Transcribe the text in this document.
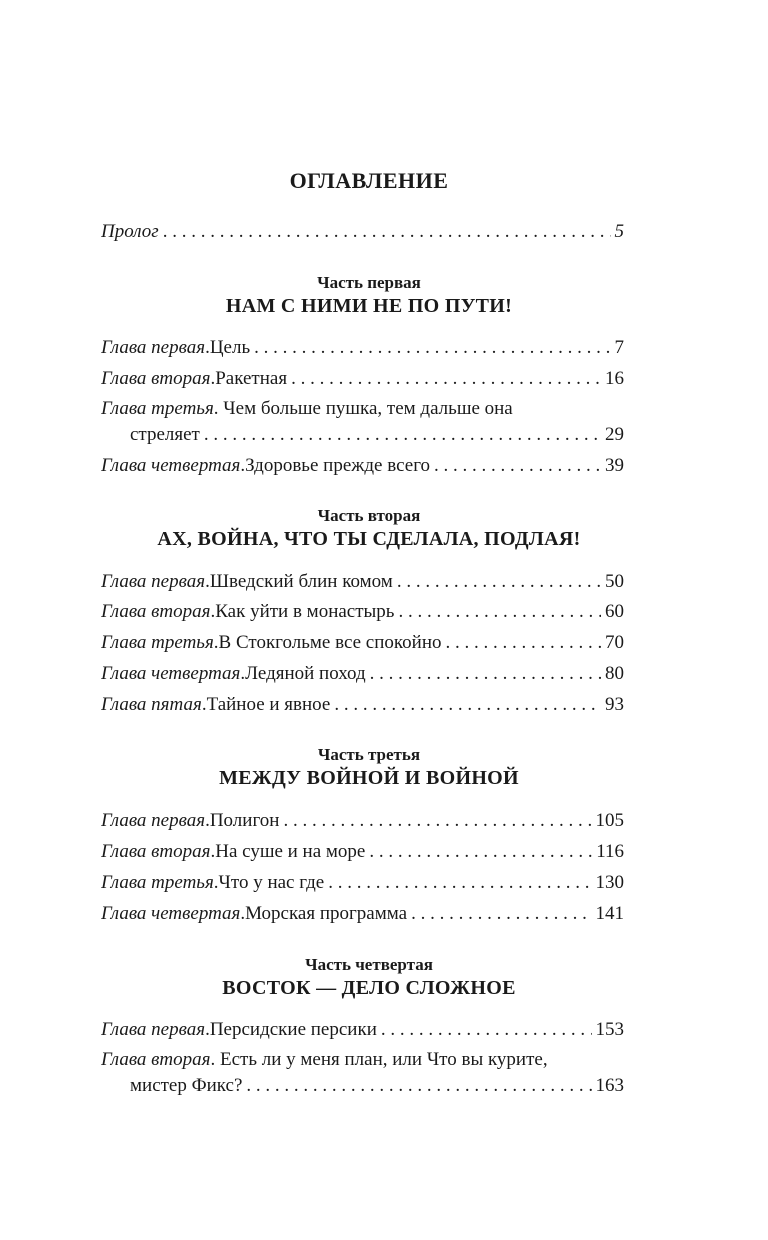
ОГЛАВЛЕНИЕ
Пролог . . .	5
Часть первая
НАМ С НИМИ НЕ ПО ПУТИ!
Глава первая . Цель . . .	7
Глава вторая . Ракетная . . .	16
Глава третья. Чем больше пушка, тем дальше она
стреляет . . .	29
Глава четвертая . Здоровье прежде всего . . .	39
Часть вторая
АХ, ВОЙНА, ЧТО ТЫ СДЕЛАЛА, ПОДЛАЯ!
Глава первая . Шведский блин комом . . .	50
Глава вторая . Как уйти в монастырь . . .	60
Глава третья . В Стокгольме все спокойно . . .	70
Глава четвертая . Ледяной поход . . .	80
Глава пятая . Тайное и явное . . .	93
Часть третья
МЕЖДУ ВОЙНОЙ И ВОЙНОЙ
Глава первая . Полигон . . .	105
Глава вторая . На суше и на море . . .	116
Глава третья . Что у нас где . . .	130
Глава четвертая . Морская программа . . .	141
Часть четвертая
ВОСТОК — ДЕЛО СЛОЖНОЕ
Глава первая . Персидские персики . . .	153
Глава вторая. Есть ли у меня план, или Что вы курите,
мистер Фикс? . . .	163
